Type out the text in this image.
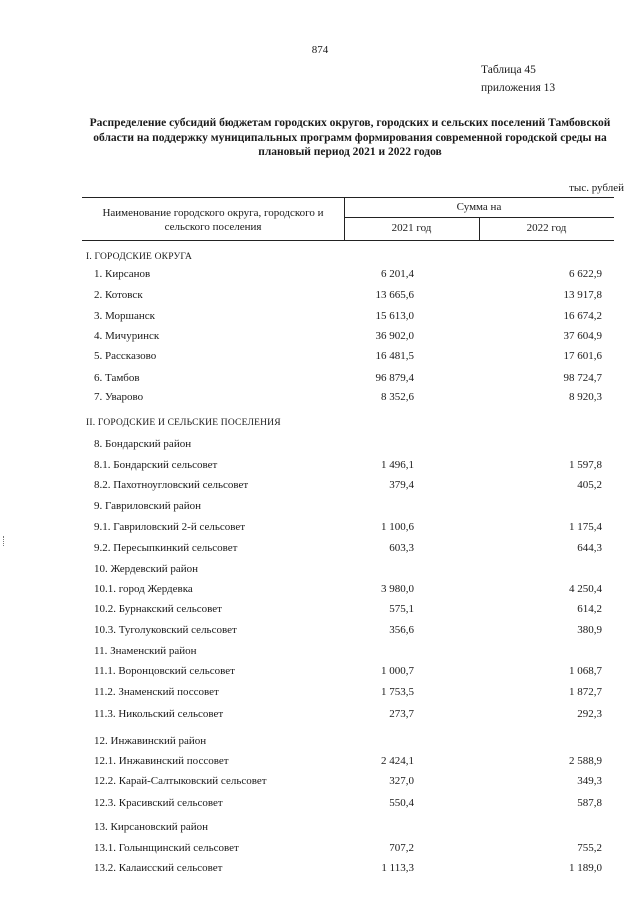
874
Таблица 45
приложения 13
Распределение субсидий бюджетам городских округов, городских и сельских поселений Тамбовской области на поддержку муниципальных программ формирования современной городской среды на плановый период 2021 и 2022 годов
тыс. рублей
Наименование городского округа, городского и сельского поселения
Сумма на
2021 год	2022 год
I. ГОРОДСКИЕ ОКРУГА
1. Кирсанов	6 201,4	6 622,9
2. Котовск	13 665,6	13 917,8
3. Моршанск	15 613,0	16 674,2
4. Мичуринск	36 902,0	37 604,9
5. Рассказово	16 481,5	17 601,6
6. Тамбов	96 879,4	98 724,7
7. Уварово	8 352,6	8 920,3
II. ГОРОДСКИЕ И СЕЛЬСКИЕ ПОСЕЛЕНИЯ
8. Бондарский район
8.1. Бондарский сельсовет	1 496,1	1 597,8
8.2. Пахотноугловский сельсовет	379,4	405,2
9. Гавриловский район
9.1. Гавриловский 2-й сельсовет	1 100,6	1 175,4
9.2. Пересыпкинкий сельсовет	603,3	644,3
10. Жердевский район
10.1. город Жердевка	3 980,0	4 250,4
10.2. Бурнакский сельсовет	575,1	614,2
10.3. Туголуковский сельсовет	356,6	380,9
11. Знаменский район
11.1. Воронцовский сельсовет	1 000,7	1 068,7
11.2. Знаменский поссовет	1 753,5	1 872,7
11.3. Никольский сельсовет	273,7	292,3
12. Инжавинский район
12.1. Инжавинский поссовет	2 424,1	2 588,9
12.2. Карай-Салтыковский сельсовет	327,0	349,3
12.3. Красивский сельсовет	550,4	587,8
13. Кирсановский район
13.1. Голынщинский сельсовет	707,2	755,2
13.2. Калаисский сельсовет	1 113,3	1 189,0
